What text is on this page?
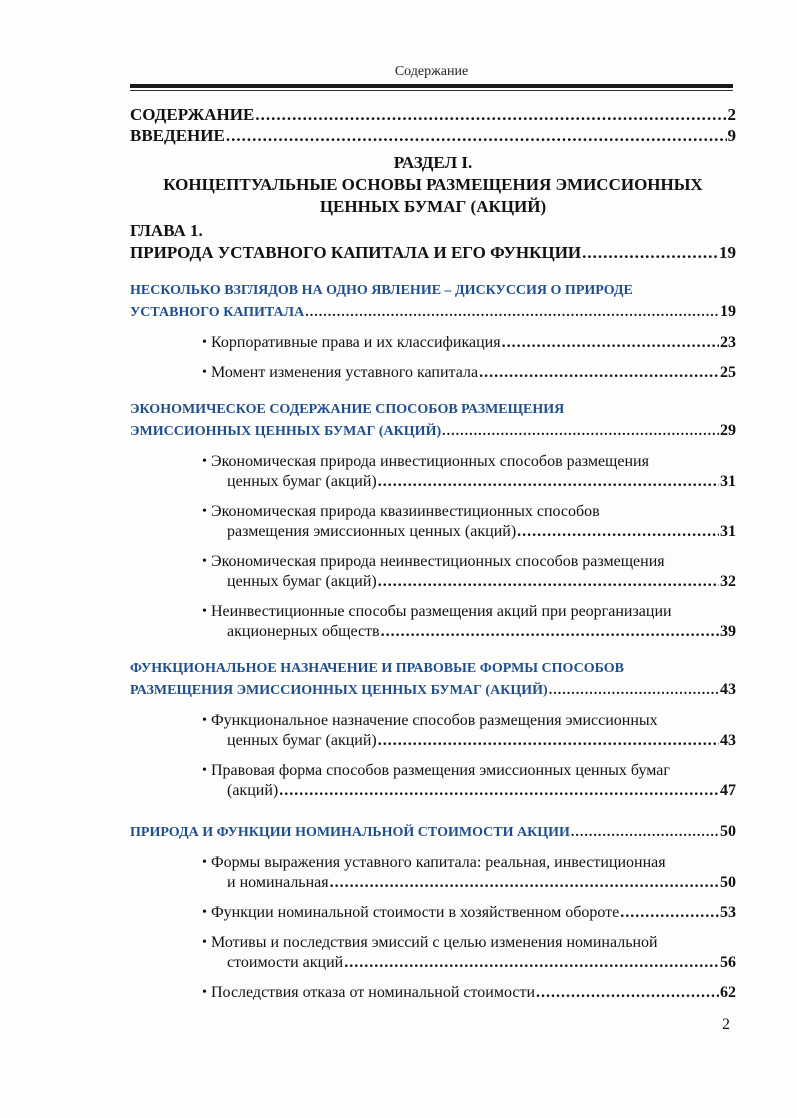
Содержание
СОДЕРЖАНИЕ .....	2
ВВЕДЕНИЕ .....	9
РАЗДЕЛ I.
КОНЦЕПТУАЛЬНЫЕ ОСНОВЫ РАЗМЕЩЕНИЯ ЭМИССИОННЫХ
ЦЕННЫХ БУМАГ (АКЦИЙ)
ГЛАВА 1.
ПРИРОДА УСТАВНОГО КАПИТАЛА И ЕГО ФУНКЦИИ .....	19
НЕСКОЛЬКО ВЗГЛЯДОВ НА ОДНО ЯВЛЕНИЕ – ДИСКУССИЯ О ПРИРОДЕ
УСТАВНОГО КАПИТАЛА .....	19
• Корпоративные права и их классификация .....	23
• Момент изменения уставного капитала .....	25
ЭКОНОМИЧЕСКОЕ СОДЕРЖАНИЕ СПОСОБОВ РАЗМЕЩЕНИЯ
ЭМИССИОННЫХ ЦЕННЫХ БУМАГ (АКЦИЙ) .....	29
• Экономическая природа инвестиционных способов размещения
ценных бумаг (акций) .....	31
• Экономическая природа квазиинвестиционных способов
размещения эмиссионных ценных (акций) .....	31
• Экономическая природа неинвестиционных способов размещения
ценных бумаг (акций) .....	32
• Неинвестиционные способы размещения акций при реорганизации
акционерных обществ .....	39
ФУНКЦИОНАЛЬНОЕ НАЗНАЧЕНИЕ И ПРАВОВЫЕ ФОРМЫ СПОСОБОВ
РАЗМЕЩЕНИЯ ЭМИССИОННЫХ ЦЕННЫХ БУМАГ (АКЦИЙ) .....	43
• Функциональное назначение способов размещения эмиссионных
ценных бумаг (акций) .....	43
• Правовая форма способов размещения эмиссионных ценных бумаг
(акций) .....	47
ПРИРОДА И ФУНКЦИИ НОМИНАЛЬНОЙ СТОИМОСТИ АКЦИИ .....	50
• Формы выражения уставного капитала: реальная, инвестиционная
и номинальная .....	50
• Функции номинальной стоимости в хозяйственном обороте .....	53
• Мотивы и последствия эмиссий с целью изменения номинальной
стоимости акций .....	56
• Последствия отказа от номинальной стоимости .....	62
2
